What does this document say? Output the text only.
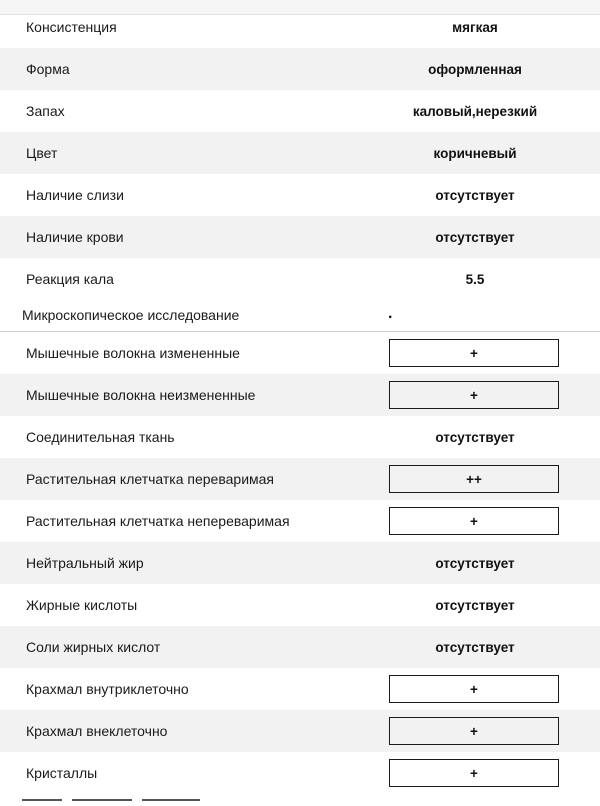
Консистенция	мягкая
Форма	оформленная
Запах	каловый,нерезкий
Цвет	коричневый
Наличие слизи	отсутствует
Наличие крови	отсутствует
Реакция кала	5.5
Микроскопическое исследование	.
Мышечные волокна измененные	+
Мышечные волокна неизмененные	+
Соединительная ткань	отсутствует
Растительная клетчатка переваримая	++
Растительная клетчатка непереваримая	+
Нейтральный жир	отсутствует
Жирные кислоты	отсутствует
Соли жирных кислот	отсутствует
Крахмал внутриклеточно	+
Крахмал внеклеточно	+
Кристаллы	+
